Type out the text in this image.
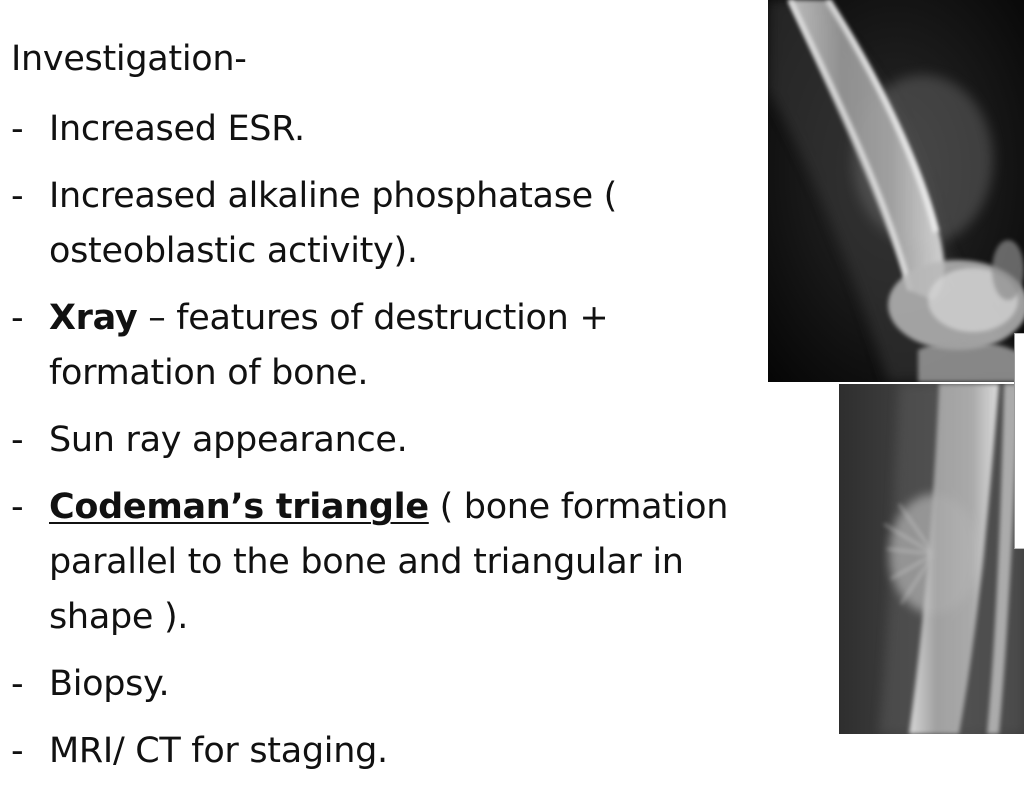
Investigation-
- Increased ESR.
- Increased alkaline phosphatase ( osteoblastic activity).
- Xray – features of destruction + formation of bone.
- Sun ray appearance.
- Codeman’s triangle ( bone formation parallel to the bone and triangular in shape ).
- Biopsy.
- MRI/ CT for staging.
